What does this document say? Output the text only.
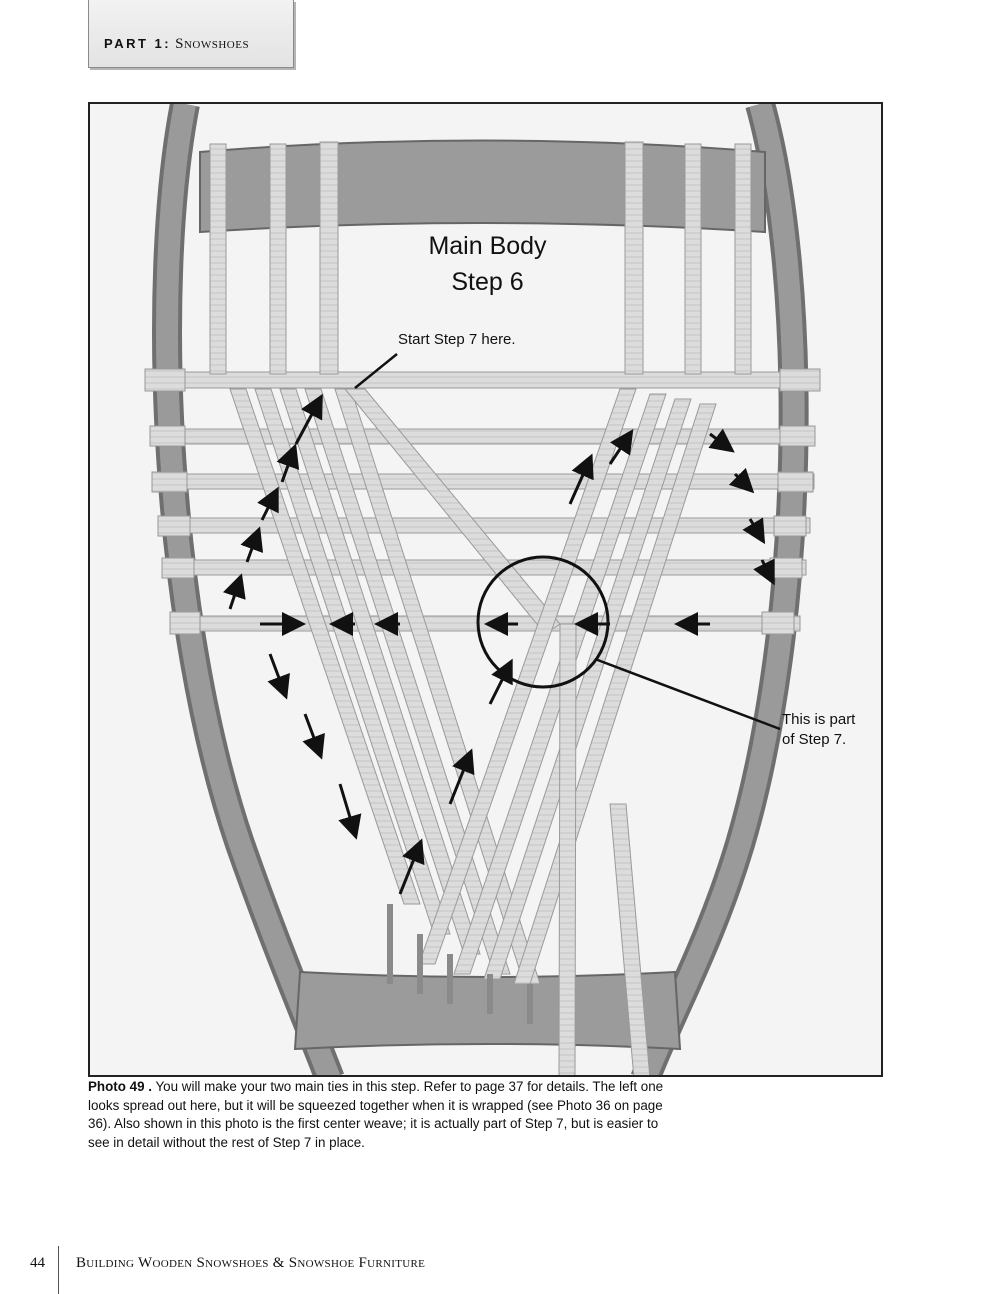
PART 1: Snowshoes
Main Body
Step 6
Start Step 7 here.
This is part
of Step 7.
Photo 49 . You will make your two main ties in this step. Refer to page 37 for details. The left one looks spread out here, but it will be squeezed together when it is wrapped (see Photo 36 on page 36). Also shown in this photo is the first center weave; it is actually part of Step 7, but is easier to see in detail without the rest of Step 7 in place.
44 Building Wooden Snowshoes & Snowshoe Furniture
